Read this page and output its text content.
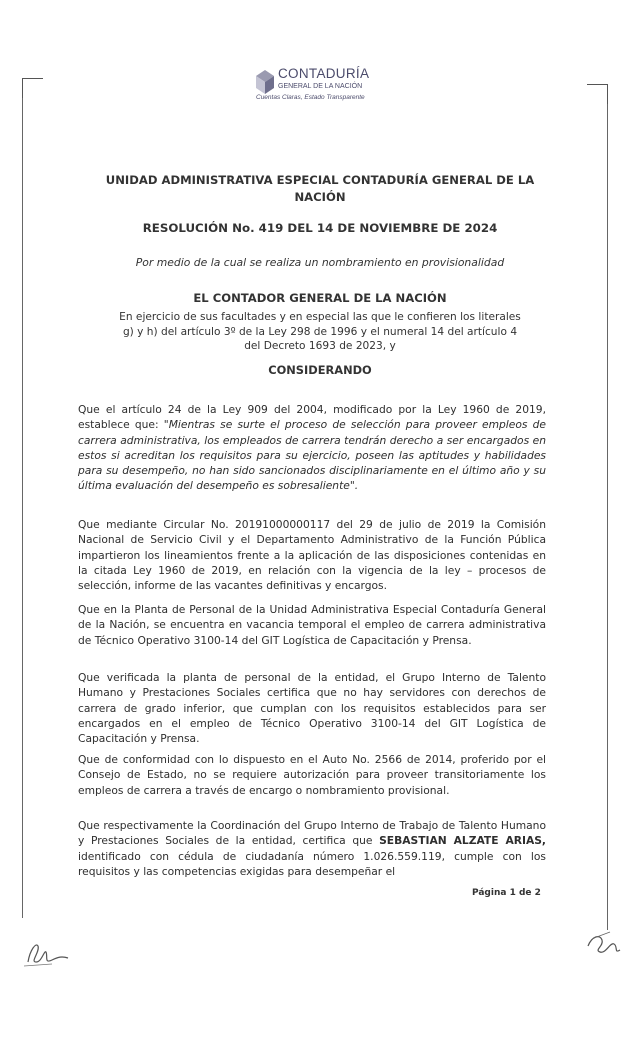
CONTADURÍA
GENERAL DE LA NACIÓN
Cuentas Claras, Estado Transparente
UNIDAD ADMINISTRATIVA ESPECIAL CONTADURÍA GENERAL DE LA
NACIÓN
RESOLUCIÓN No. 419 DEL 14 DE NOVIEMBRE DE 2024
Por medio de la cual se realiza un nombramiento en provisionalidad
EL CONTADOR GENERAL DE LA NACIÓN
En ejercicio de sus facultades y en especial las que le confieren los literales
g) y h) del artículo 3º de la Ley 298 de 1996 y el numeral 14 del artículo 4
del Decreto 1693 de 2023, y
CONSIDERANDO
Que el artículo 24 de la Ley 909 del 2004, modificado por la Ley 1960 de 2019, establece que: "Mientras se surte el proceso de selección para proveer empleos de carrera administrativa, los empleados de carrera tendrán derecho a ser encargados en estos si acreditan los requisitos para su ejercicio, poseen las aptitudes y habilidades para su desempeño, no han sido sancionados disciplinariamente en el último año y su última evaluación del desempeño es sobresaliente".
Que mediante Circular No. 20191000000117 del 29 de julio de 2019 la Comisión Nacional de Servicio Civil y el Departamento Administrativo de la Función Pública impartieron los lineamientos frente a la aplicación de las disposiciones contenidas en la citada Ley 1960 de 2019, en relación con la vigencia de la ley – procesos de selección, informe de las vacantes definitivas y encargos.
Que en la Planta de Personal de la Unidad Administrativa Especial Contaduría General de la Nación, se encuentra en vacancia temporal el empleo de carrera administrativa de Técnico Operativo 3100-14 del GIT Logística de Capacitación y Prensa.
Que verificada la planta de personal de la entidad, el Grupo Interno de Talento Humano y Prestaciones Sociales certifica que no hay servidores con derechos de carrera de grado inferior, que cumplan con los requisitos establecidos para ser encargados en el empleo de Técnico Operativo 3100-14 del GIT Logística de Capacitación y Prensa.
Que de conformidad con lo dispuesto en el Auto No. 2566 de 2014, proferido por el Consejo de Estado, no se requiere autorización para proveer transitoriamente los empleos de carrera a través de encargo o nombramiento provisional.
Que respectivamente la Coordinación del Grupo Interno de Trabajo de Talento Humano y Prestaciones Sociales de la entidad, certifica que SEBASTIAN ALZATE ARIAS, identificado con cédula de ciudadanía número 1.026.559.119, cumple con los requisitos y las competencias exigidas para desempeñar el
Página 1 de 2
